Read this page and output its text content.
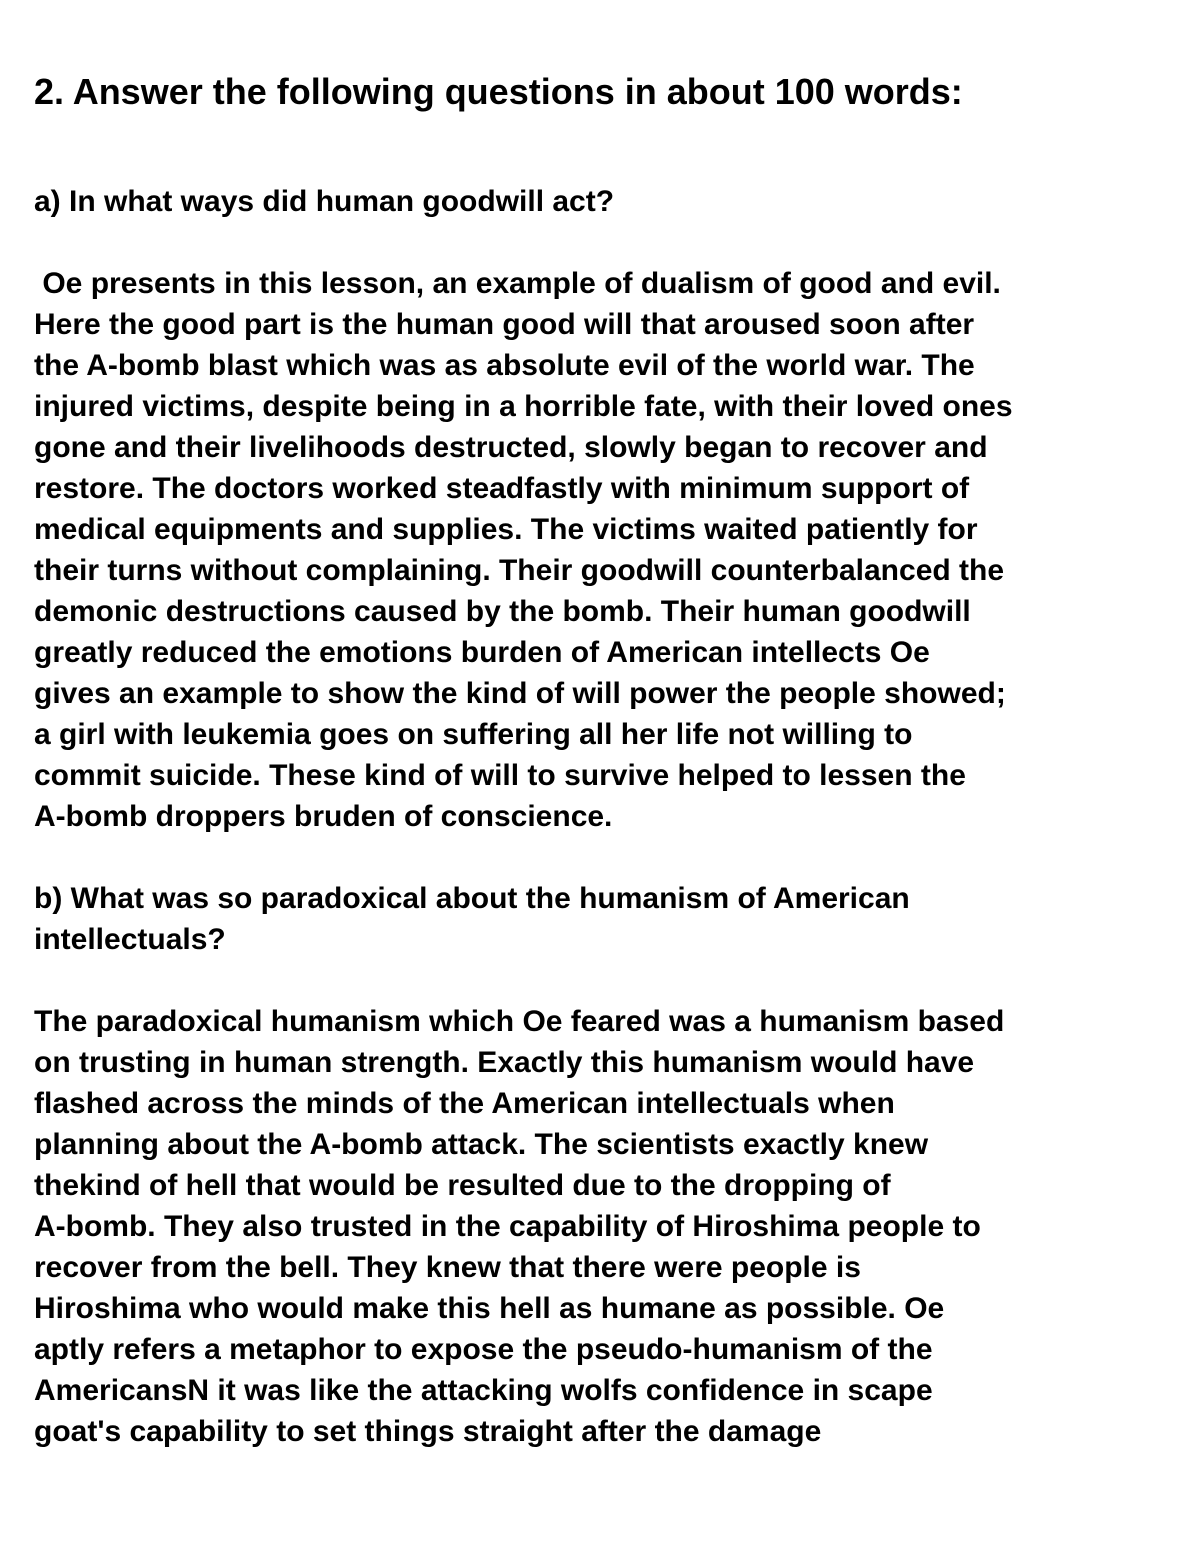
2. Answer the following questions in about 100 words:
a) In what ways did human goodwill act?
Oe presents in this lesson, an example of dualism of good and evil.
Here the good part is the human good will that aroused soon after
the A-bomb blast which was as absolute evil of the world war. The
injured victims, despite being in a horrible fate, with their loved ones
gone and their livelihoods destructed, slowly began to recover and
restore. The doctors worked steadfastly with minimum support of
medical equipments and supplies. The victims waited patiently for
their turns without complaining. Their goodwill counterbalanced the
demonic destructions caused by the bomb. Their human goodwill
greatly reduced the emotions burden of American intellects Oe
gives an example to show the kind of will power the people showed;
a girl with leukemia goes on suffering all her life not willing to
commit suicide. These kind of will to survive helped to lessen the
A-bomb droppers bruden of conscience.
b) What was so paradoxical about the humanism of American
intellectuals?
The paradoxical humanism which Oe feared was a humanism based
on trusting in human strength. Exactly this humanism would have
flashed across the minds of the American intellectuals when
planning about the A-bomb attack. The scientists exactly knew
thekind of hell that would be resulted due to the dropping of
A-bomb. They also trusted in the capability of Hiroshima people to
recover from the bell. They knew that there were people is
Hiroshima who would make this hell as humane as possible. Oe
aptly refers a metaphor to expose the pseudo-humanism of the
AmericansN it was like the attacking wolfs confidence in scape
goat's capability to set things straight after the damage
